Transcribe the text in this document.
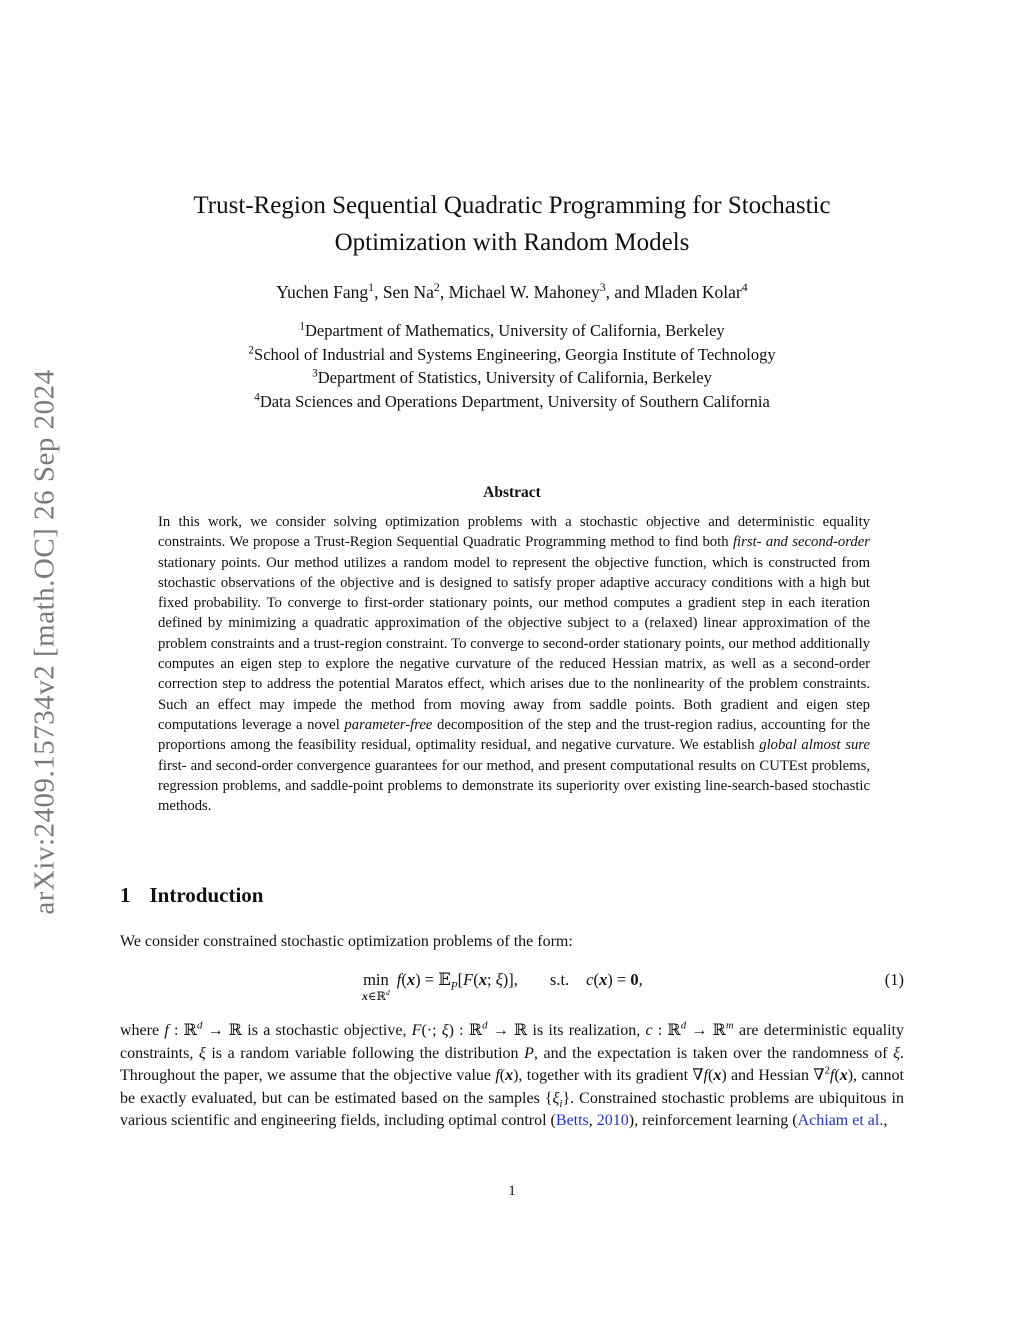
arXiv:2409.15734v2 [math.OC] 26 Sep 2024
Trust-Region Sequential Quadratic Programming for Stochastic
Optimization with Random Models
Yuchen Fang$^1$, Sen Na$^2$, Michael W. Mahoney$^3$, and Mladen Kolar$^4$
$^1$Department of Mathematics, University of California, Berkeley
$^2$School of Industrial and Systems Engineering, Georgia Institute of Technology
$^3$Department of Statistics, University of California, Berkeley
$^4$Data Sciences and Operations Department, University of Southern California
Abstract
In this work, we consider solving optimization problems with a stochastic objective and deterministic equality constraints. We propose a Trust-Region Sequential Quadratic Programming method to find both first- and second-order stationary points. Our method utilizes a random model to represent the objective function, which is constructed from stochastic observations of the objective and is designed to satisfy proper adaptive accuracy conditions with a high but fixed probability. To converge to first-order stationary points, our method computes a gradient step in each iteration defined by minimizing a quadratic approximation of the objective subject to a (relaxed) linear approximation of the problem constraints and a trust-region constraint. To converge to second-order stationary points, our method additionally computes an eigen step to explore the negative curvature of the reduced Hessian matrix, as well as a second-order correction step to address the potential Maratos effect, which arises due to the nonlinearity of the problem constraints. Such an effect may impede the method from moving away from saddle points. Both gradient and eigen step computations leverage a novel parameter-free decomposition of the step and the trust-region radius, accounting for the proportions among the feasibility residual, optimality residual, and negative curvature. We establish global almost sure first- and second-order convergence guarantees for our method, and present computational results on CUTEst problems, regression problems, and saddle-point problems to demonstrate its superiority over existing line-search-based stochastic methods.
1 Introduction
We consider constrained stochastic optimization problems of the form:
min
x∈ℝ$^d$
f(x) = 𝔼$_P$[F(x; ξ)], s.t. c(x) = 0,	(1)
where f : ℝ$^d$ → ℝ is a stochastic objective, F(·; ξ) : ℝ$^d$ → ℝ is its realization, c : ℝ$^d$ → ℝ$^m$ are deterministic equality constraints, ξ is a random variable following the distribution P, and the expectation is taken over the randomness of ξ. Throughout the paper, we assume that the objective value f(x), together with its gradient ∇f(x) and Hessian ∇$^2$f(x), cannot be exactly evaluated, but can be estimated based on the samples $\{\xi_i\}$. Constrained stochastic problems are ubiquitous in various scientific and engineering fields, including optimal control (Betts, 2010), reinforcement learning (Achiam et al.,
1
